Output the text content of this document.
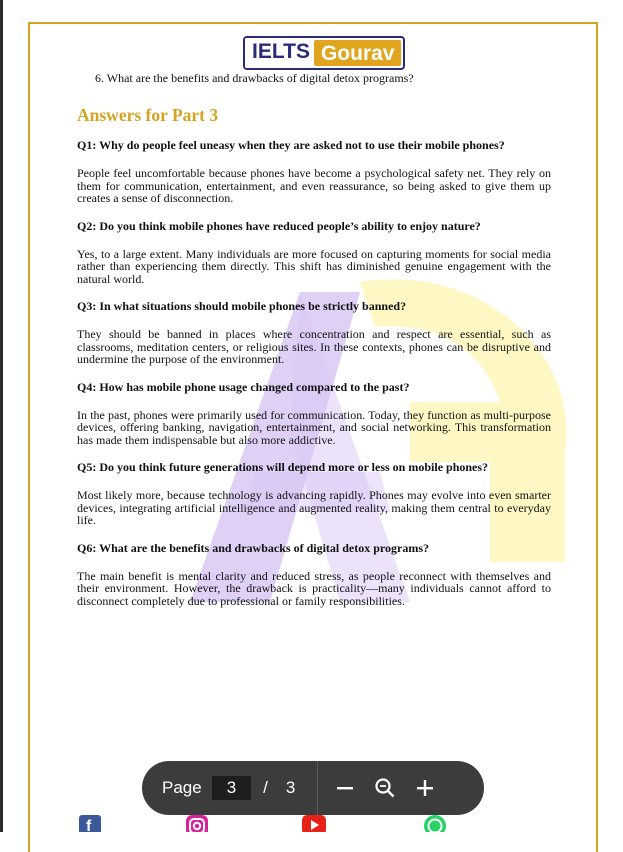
IELTS Gourav

6. What are the benefits and drawbacks of digital detox programs?

Answers for Part 3
Q1: Why do people feel uneasy when they are asked not to use their mobile phones?
People feel uncomfortable because phones have become a psychological safety net. They rely on them for communication, entertainment, and even reassurance, so being asked to give them up creates a sense of disconnection.
Q2: Do you think mobile phones have reduced people’s ability to enjoy nature?
Yes, to a large extent. Many individuals are more focused on capturing moments for social media rather than experiencing them directly. This shift has diminished genuine engagement with the natural world.
Q3: In what situations should mobile phones be strictly banned?
They should be banned in places where concentration and respect are essential, such as classrooms, meditation centers, or religious sites. In these contexts, phones can be disruptive and undermine the purpose of the environment.
Q4: How has mobile phone usage changed compared to the past?
In the past, phones were primarily used for communication. Today, they function as multi-purpose devices, offering banking, navigation, entertainment, and social networking. This transformation has made them indispensable but also more addictive.
Q5: Do you think future generations will depend more or less on mobile phones?
Most likely more, because technology is advancing rapidly. Phones may evolve into even smarter devices, integrating artificial intelligence and augmented reality, making them central to everyday life.
Q6: What are the benefits and drawbacks of digital detox programs?
The main benefit is mental clarity and reduced stress, as people reconnect with themselves and their environment. However, the drawback is practicality—many individuals cannot afford to disconnect completely due to professional or family responsibilities.
Page	3	/ 3
f
